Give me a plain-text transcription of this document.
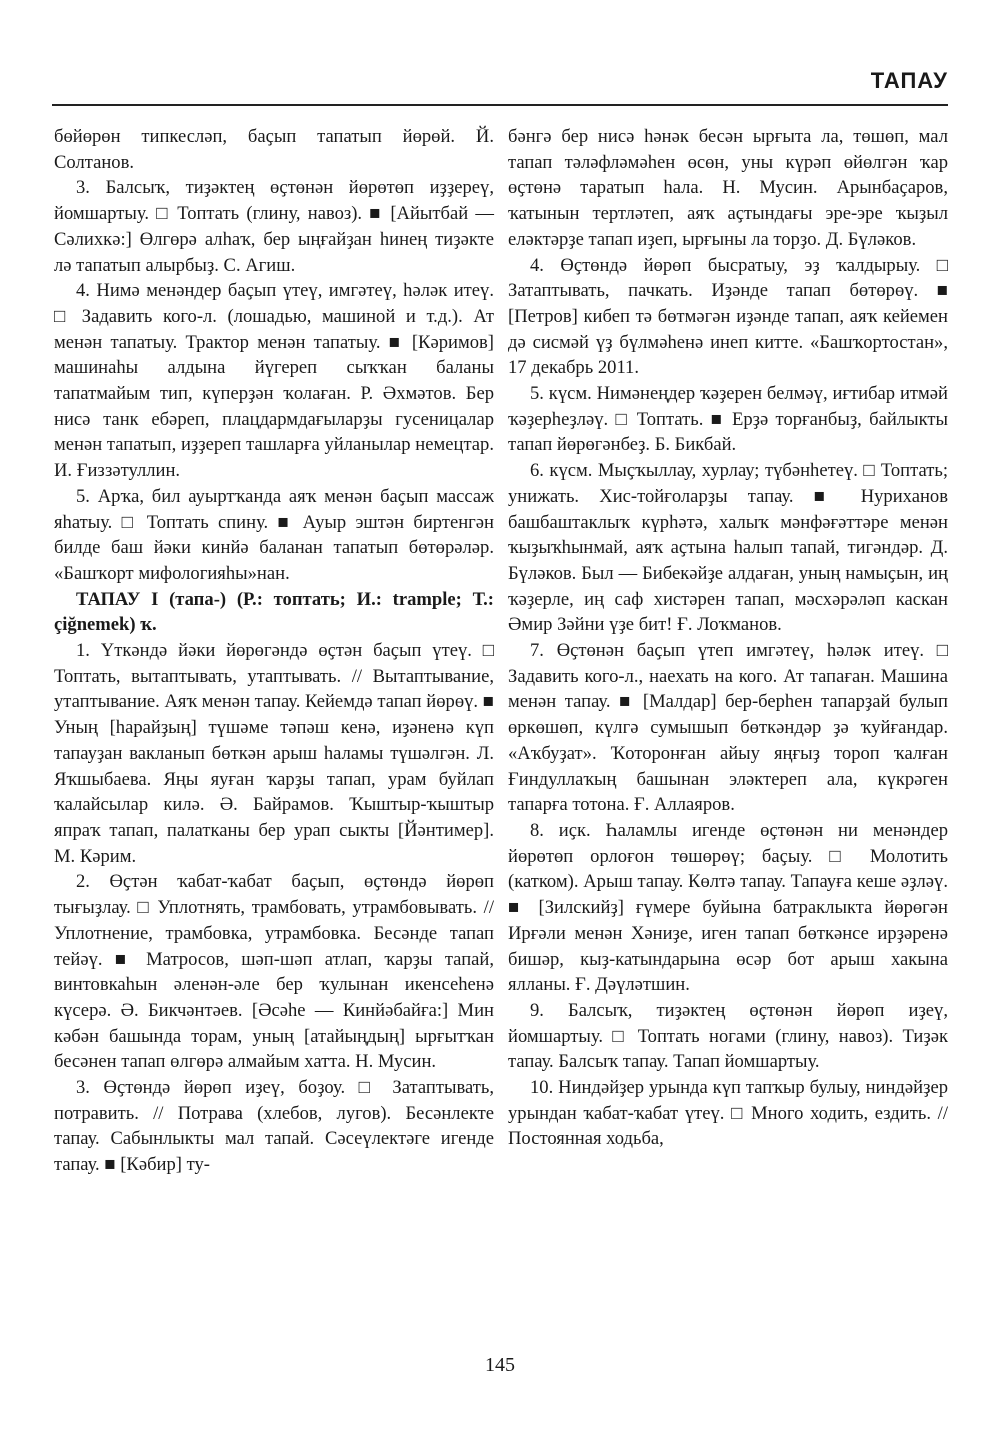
ТАПАУ

бөйөрөн типкесләп, баҫып тапатып йөрөй. Й. Солтанов.

3. Балсыҡ, тиҙәктең өҫтөнән йөрөтөп иҙҙереү, йомшартыу. □ Топтать (глину, навоз). ■ [Айытбай — Сәлихкә:] Өлгөрә алһаҡ, бер ыңғайҙан һинең тиҙәкте лә тапатып алырбыҙ. С. Агиш.

4. Нимә менәндер баҫып үтеү, имгәтеү, һәләк итеү. □ Задавить кого-л. (лошадью, машиной и т.д.). Ат менән тапатыу. Трактор менән тапатыу. ■ [Кәримов] машинаһы алдына йүгереп сыҡҡан баланы тапатмайым тип, күперҙән ҡолаған. Р. Әхмәтов. Бер нисә танк ебәреп, плацдармдағыларҙы гусеницалар менән тапатып, иҙҙереп ташларға уйланылар немецтар. И. Ғиззәтуллин.

5. Арҡа, бил ауыртҡанда аяҡ менән баҫып массаж яһатыу. □ Топтать спину. ■ Ауыр эштән биртенгән билде баш йәки кинйә баланан тапатып бөтөрәләр. «Башҡорт мифологияһы»нан.

ТАПАУ I (тапа-) (Р.: топтать; И.: trample; Т.: çiğnemek) ҡ.

1. Үткәндә йәки йөрөгәндә өҫтән баҫып үтеү. □ Топтать, вытаптывать, утаптывать. // Вытаптывание, утаптывание. Аяҡ менән тапау. Кейемдә тапап йөрөү. ■ Уның [һарайҙың] түшәме тәпәш кенә, иҙәненә күп тапауҙан вакланып бөткән арыш һаламы түшәлгән. Л. Яҡшыбаева. Яңы яуған ҡарҙы тапап, урам буйлап ҡалайсылар килә. Ә. Байрамов. Ҡыштыр-ҡыштыр япраҡ тапап, палатканы бер урап сыкты [Йәнтимер]. М. Кәрим.

2. Өҫтән ҡабат-ҡабат баҫып, өҫтөндә йөрөп тығыҙлау. □ Уплотнять, трамбовать, утрамбовывать. // Уплотнение, трамбовка, утрамбовка. Бесәнде тапап тейәү. ■ Матросов, шәп-шәп атлап, ҡарҙы тапай, винтовкаһын әленән-әле бер ҡулынан икенсеһенә күсерә. Ә. Бикчәнтәев. [Әсәһе — Кинйәбайға:] Мин кәбән башында торам, уның [атайыңдың] ырғытҡан бесәнен тапап өлгөрә алмайым хатта. Н. Мусин.

3. Өҫтөндә йөрөп иҙеү, боҙоу. □ Затаптывать, потравить. // Потрава (хлебов, лугов). Бесәнлекте тапау. Сабынлыкты мал тапай. Сәсеүлектәге игенде тапау. ■ [Кәбир] ту-

бәнгә бер нисә һәнәк бесән ырғыта ла, төшөп, мал тапап тәләфләмәһен өсөн, уны күрәп өйөлгән ҡар өҫтөнә таратып һала. Н. Мусин. Арынбаҫаров, ҡатынын тертләтеп, аяҡ аҫтындағы эре-эре ҡыҙыл еләктәрҙе тапап иҙеп, ырғыны ла торҙо. Д. Бүләков.

4. Өҫтөндә йөрөп бысратыу, эҙ ҡалдырыу. □ Затаптывать, пачкать. Иҙәнде тапап бөтөрөү. ■ [Петров] кибеп тә бөтмәгән иҙәнде тапап, аяҡ кейемен дә сисмәй үҙ бүлмәһенә инеп китте. «Башҡортостан», 17 декабрь 2011.

5. күсм. Нимәнеңдер ҡәҙерен белмәү, иғтибар итмәй ҡәҙерһеҙләү. □ Топтать. ■ Ерҙә торғанбыҙ, байлыкты тапап йөрөгәнбеҙ. Б. Бикбай.

6. күсм. Мыҫҡыллау, хурлау; түбәнһетеү. □ Топтать; унижать. Хис-тойғоларҙы тапау. ■ Нуриханов башбаштаклыҡ күрһәтә, халыҡ мәнфәғәттәре менән ҡыҙыҡһынмай, аяҡ аҫтына һалып тапай, тигәндәр. Д. Бүләков. Был — Бибекәйҙе алдаған, уның намыҫын, иң ҡәҙерле, иң саф хистәрен тапап, мәсхәрәләп каскан Әмир Зәйни үҙе бит! Ғ. Лоҡманов.

7. Өҫтөнән баҫып үтеп имгәтеү, һәләк итеү. □ Задавить кого-л., наехать на кого. Ат тапаған. Машина менән тапау. ■ [Малдар] бер-берһен тапарҙай булып өркөшөп, күлгә сумышып бөткәндәр ҙә ҡуйғандар. «Аҡбуҙат». Ҡоторонған айыу яңғыҙ тороп ҡалған Ғиндуллаҡың башынан эләктереп ала, күкрәген тапарға тотона. Ғ. Аллаяров.

8. иҫк. Һаламлы игенде өҫтөнән ни менәндер йөрөтөп орлоғон төшөрөү; баҫыу. □ Молотить (катком). Арыш тапау. Көлтә тапау. Тапауға кеше әҙләү. ■ [Зилскийҙ] ғүмере буйына батраклыкта йөрөгән Ирғәли менән Хәниҙе, иген тапап бөткәнсе ирҙәренә бишәр, кыҙ-катындарына өсәр бот арыш хакына ялланы. Ғ. Дәүләтшин.

9. Балсыҡ, тиҙәктең өҫтөнән йөрөп иҙеү, йомшартыу. □ Топтать ногами (глину, навоз). Тиҙәк тапау. Балсыҡ тапау. Тапап йомшартыу.

10. Ниндәйҙер урында күп тапҡыр булыу, ниндәйҙер урындан ҡабат-ҡабат үтеү. □ Много ходить, ездить. // Постоянная ходьба,

145
